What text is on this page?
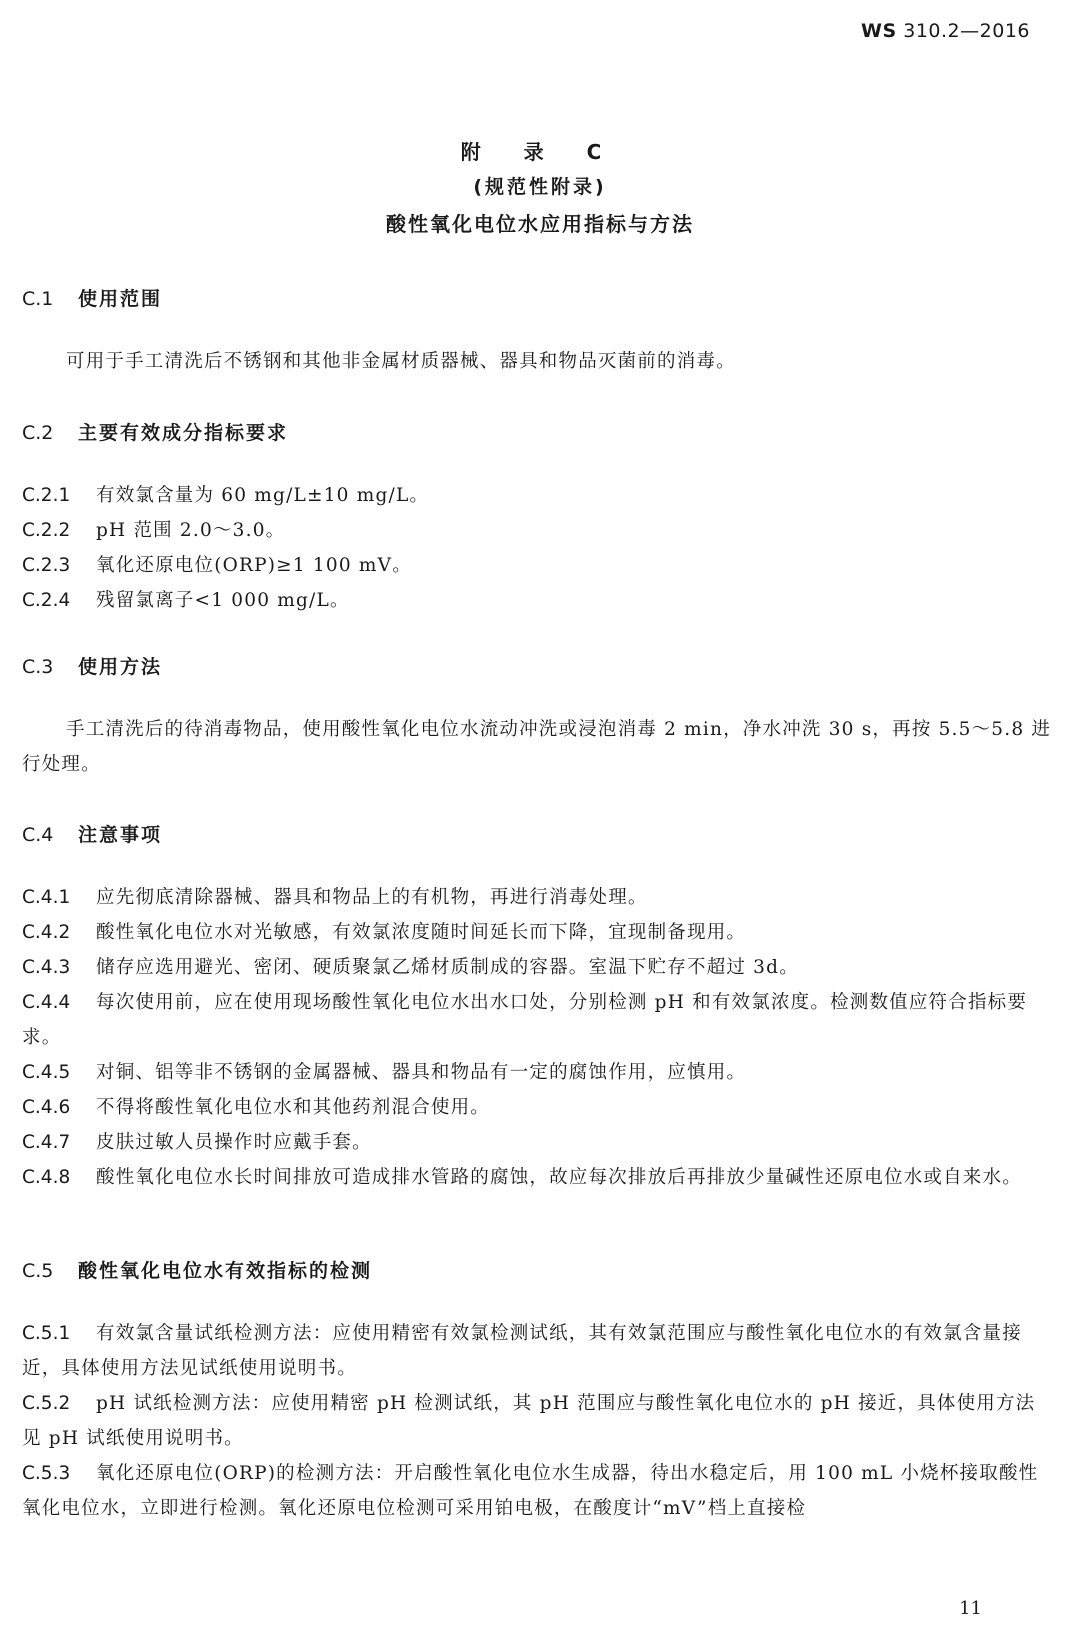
WS 310.2—2016
附 录 C
(规范性附录)
酸性氧化电位水应用指标与方法
C.1 使用范围
可用于手工清洗后不锈钢和其他非金属材质器械、器具和物品灭菌前的消毒。
C.2 主要有效成分指标要求
C.2.1 有效氯含量为 60 mg/L±10 mg/L。
C.2.2 pH 范围 2.0～3.0。
C.2.3 氧化还原电位(ORP)≥1 100 mV。
C.2.4 残留氯离子<1 000 mg/L。
C.3 使用方法
手工清洗后的待消毒物品，使用酸性氧化电位水流动冲洗或浸泡消毒 2 min，净水冲洗 30 s，再按 5.5～5.8 进行处理。
C.4 注意事项
C.4.1 应先彻底清除器械、器具和物品上的有机物，再进行消毒处理。
C.4.2 酸性氧化电位水对光敏感，有效氯浓度随时间延长而下降，宜现制备现用。
C.4.3 储存应选用避光、密闭、硬质聚氯乙烯材质制成的容器。室温下贮存不超过 3d。
C.4.4 每次使用前，应在使用现场酸性氧化电位水出水口处，分别检测 pH 和有效氯浓度。检测数值应符合指标要求。
C.4.5 对铜、铝等非不锈钢的金属器械、器具和物品有一定的腐蚀作用，应慎用。
C.4.6 不得将酸性氧化电位水和其他药剂混合使用。
C.4.7 皮肤过敏人员操作时应戴手套。
C.4.8 酸性氧化电位水长时间排放可造成排水管路的腐蚀，故应每次排放后再排放少量碱性还原电位水或自来水。
C.5 酸性氧化电位水有效指标的检测
C.5.1 有效氯含量试纸检测方法：应使用精密有效氯检测试纸，其有效氯范围应与酸性氧化电位水的有效氯含量接近，具体使用方法见试纸使用说明书。
C.5.2 pH 试纸检测方法：应使用精密 pH 检测试纸，其 pH 范围应与酸性氧化电位水的 pH 接近，具体使用方法见 pH 试纸使用说明书。
C.5.3 氧化还原电位(ORP)的检测方法：开启酸性氧化电位水生成器，待出水稳定后，用 100 mL 小烧杯接取酸性氧化电位水，立即进行检测。氧化还原电位检测可采用铂电极，在酸度计“mV”档上直接检
11
